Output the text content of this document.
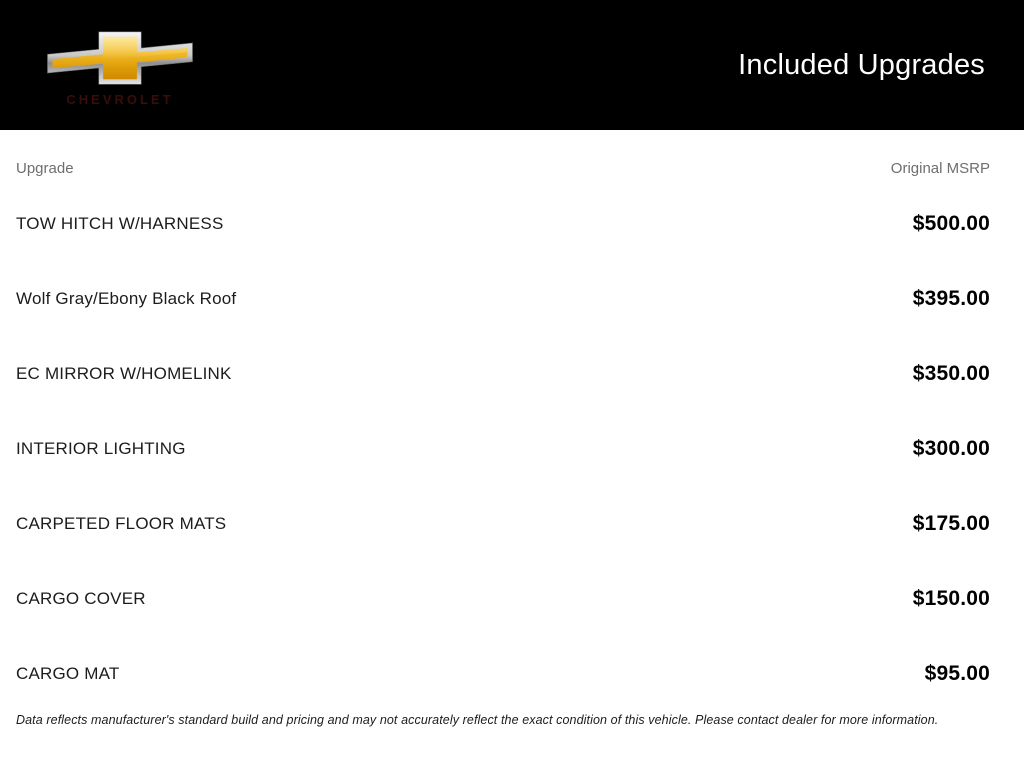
CHEVROLET
Included Upgrades
Upgrade	Original MSRP
TOW HITCH W/HARNESS	$500.00
Wolf Gray/Ebony Black Roof	$395.00
EC MIRROR W/HOMELINK	$350.00
INTERIOR LIGHTING	$300.00
CARPETED FLOOR MATS	$175.00
CARGO COVER	$150.00
CARGO MAT	$95.00
Data reflects manufacturer's standard build and pricing and may not accurately reflect the exact condition of this vehicle. Please contact dealer for more information.
